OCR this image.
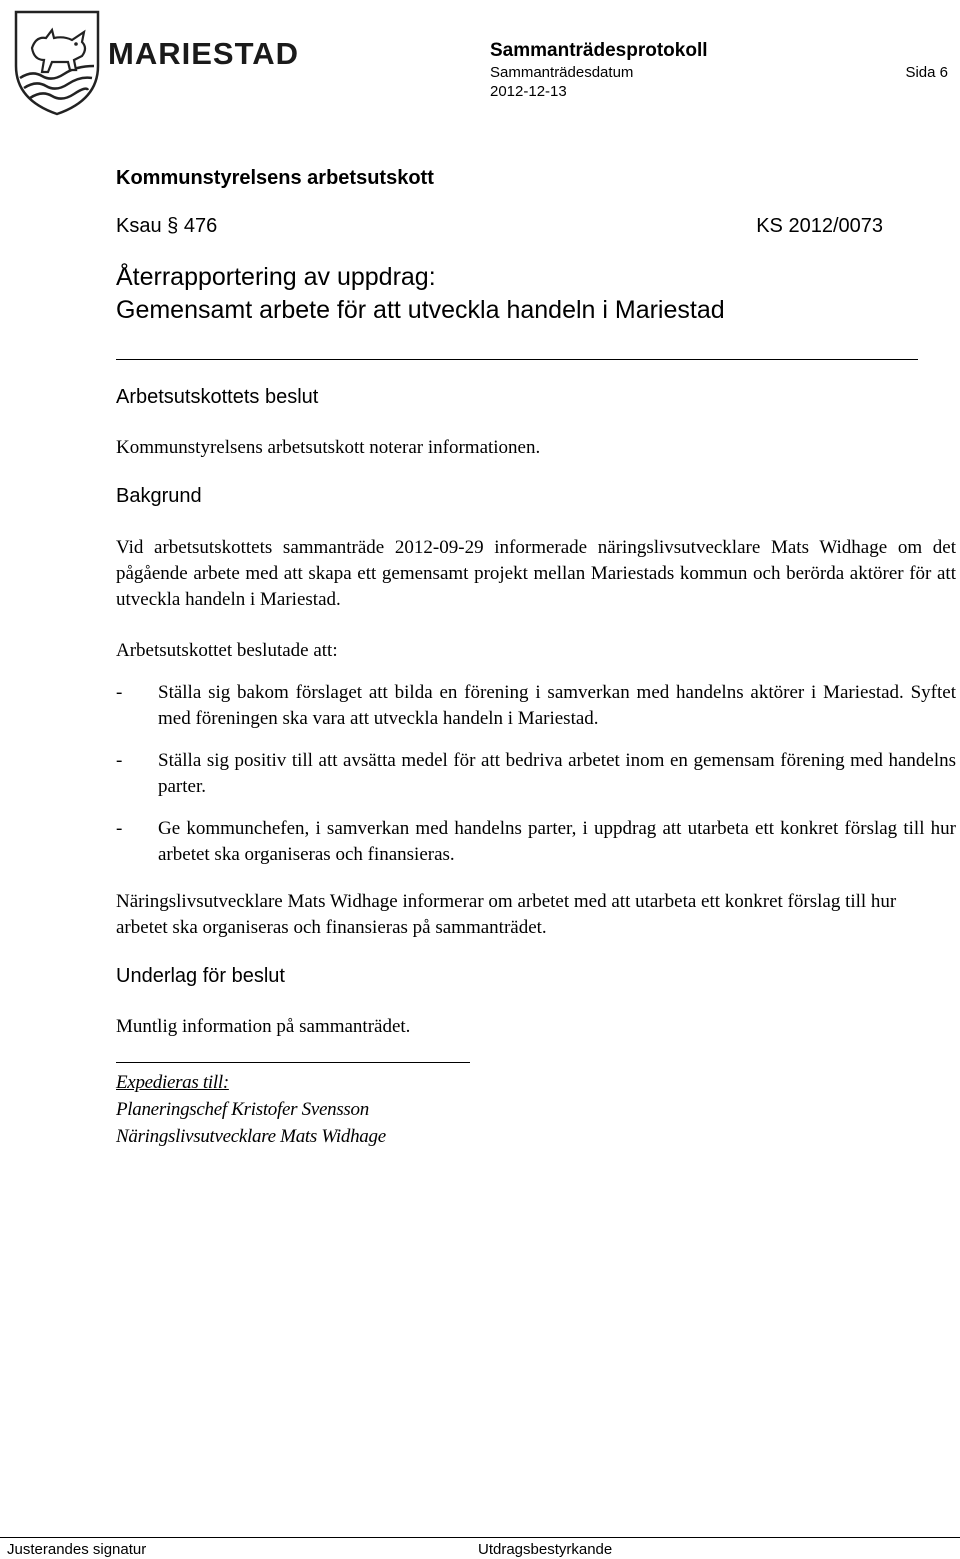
MARIESTAD	Sammanträdesprotokoll
Sammanträdesdatum
2012-12-13
Sida 6
Kommunstyrelsens arbetsutskott
Ksau § 476	KS 2012/0073
Återrapportering av uppdrag:
Gemensamt arbete för att utveckla handeln i Mariestad
Arbetsutskottets beslut
Kommunstyrelsens arbetsutskott noterar informationen.
Bakgrund
Vid arbetsutskottets sammanträde 2012-09-29 informerade näringslivsutvecklare Mats Widhage om det pågående arbete med att skapa ett gemensamt projekt mellan Mariestads kommun och berörda aktörer för att utveckla handeln i Mariestad.
Arbetsutskottet beslutade att:
-	Ställa sig bakom förslaget att bilda en förening i samverkan med handelns aktörer i Mariestad. Syftet med föreningen ska vara att utveckla handeln i Mariestad.
-	Ställa sig positiv till att avsätta medel för att bedriva arbetet inom en gemensam förening med handelns parter.
-	Ge kommunchefen, i samverkan med handelns parter, i uppdrag att utarbeta ett konkret förslag till hur arbetet ska organiseras och finansieras.
Näringslivsutvecklare Mats Widhage informerar om arbetet med att utarbeta ett konkret förslag till hur arbetet ska organiseras och finansieras på sammanträdet.
Underlag för beslut
Muntlig information på sammanträdet.
Expedieras till:
Planeringschef Kristofer Svensson
Näringslivsutvecklare Mats Widhage
Justerandes signatur	Utdragsbestyrkande
